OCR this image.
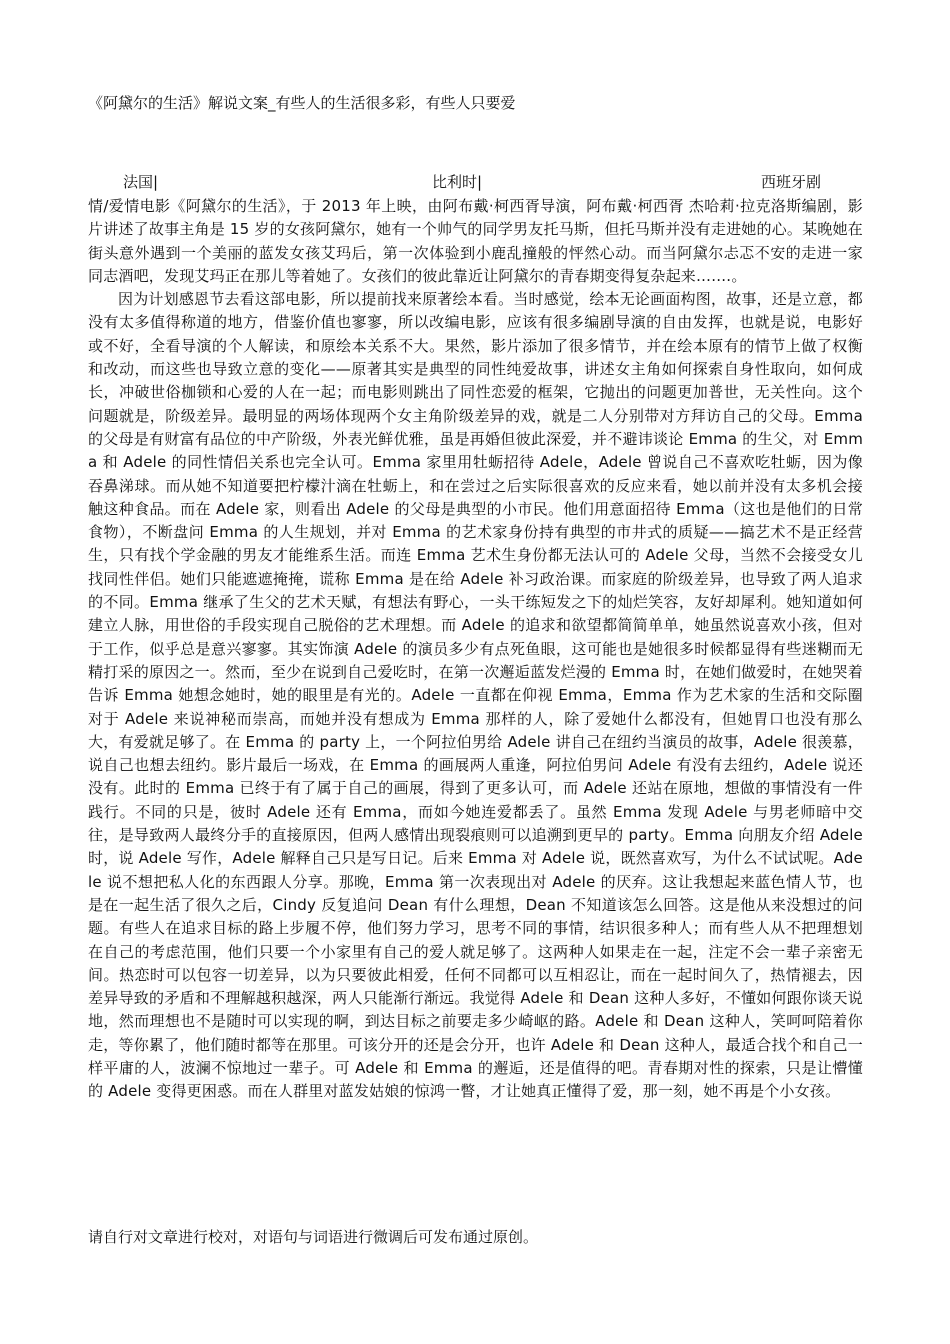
《阿黛尔的生活》解说文案_有些人的生活很多彩，有些人只要爱
法国|	比利时|	西班牙剧

情/爱情电影《阿黛尔的生活》，于 2013 年上映，由阿布戴·柯西胥导演，阿布戴·柯西胥 杰哈莉·拉克洛斯编剧，影片讲述了故事主角是 15 岁的女孩阿黛尔，她有一个帅气的同学男友托马斯，但托马斯并没有走进她的心。某晚她在街头意外遇到一个美丽的蓝发女孩艾玛后，第一次体验到小鹿乱撞般的怦然心动。而当阿黛尔忐忑不安的走进一家同志酒吧，发现艾玛正在那儿等着她了。女孩们的彼此靠近让阿黛尔的青春期变得复杂起来….…。

因为计划感恩节去看这部电影，所以提前找来原著绘本看。当时感觉，绘本无论画面构图，故事，还是立意，都没有太多值得称道的地方，借鉴价值也寥寥，所以改编电影，应该有很多编剧导演的自由发挥，也就是说，电影好或不好，全看导演的个人解读，和原绘本关系不大。果然，影片添加了很多情节，并在绘本原有的情节上做了权衡和改动，而这些也导致立意的变化——原著其实是典型的同性纯爱故事，讲述女主角如何探索自身性取向，如何成长，冲破世俗枷锁和心爱的人在一起；而电影则跳出了同性恋爱的框架，它抛出的问题更加普世，无关性向。这个问题就是，阶级差异。最明显的两场体现两个女主角阶级差异的戏，就是二人分别带对方拜访自己的父母。Emma 的父母是有财富有品位的中产阶级，外表光鲜优雅，虽是再婚但彼此深爱，并不避讳谈论 Emma 的生父，对 Emma 和 Adele 的同性情侣关系也完全认可。Emma 家里用牡蛎招待 Adele，Adele 曾说自己不喜欢吃牡蛎，因为像吞鼻涕球。而从她不知道要把柠檬汁滴在牡蛎上，和在尝过之后实际很喜欢的反应来看，她以前并没有太多机会接触这种食品。而在 Adele 家，则看出 Adele 的父母是典型的小市民。他们用意面招待 Emma（这也是他们的日常食物），不断盘问 Emma 的人生规划，并对 Emma 的艺术家身份持有典型的市井式的质疑——搞艺术不是正经营生，只有找个学金融的男友才能维系生活。而连 Emma 艺术生身份都无法认可的 Adele 父母，当然不会接受女儿找同性伴侣。她们只能遮遮掩掩，谎称 Emma 是在给 Adele 补习政治课。而家庭的阶级差异，也导致了两人追求的不同。Emma 继承了生父的艺术天赋，有想法有野心，一头干练短发之下的灿烂笑容，友好却犀利。她知道如何建立人脉，用世俗的手段实现自己脱俗的艺术理想。而 Adele 的追求和欲望都简简单单，她虽然说喜欢小孩，但对于工作，似乎总是意兴寥寥。其实饰演 Adele 的演员多少有点死鱼眼，这可能也是她很多时候都显得有些迷糊而无精打采的原因之一。然而，至少在说到自己爱吃时，在第一次邂逅蓝发烂漫的 Emma 时，在她们做爱时，在她哭着告诉 Emma 她想念她时，她的眼里是有光的。Adele 一直都在仰视 Emma，Emma 作为艺术家的生活和交际圈对于 Adele 来说神秘而崇高，而她并没有想成为 Emma 那样的人，除了爱她什么都没有，但她胃口也没有那么大，有爱就足够了。在 Emma 的 party 上，一个阿拉伯男给 Adele 讲自己在纽约当演员的故事，Adele 很羡慕，说自己也想去纽约。影片最后一场戏，在 Emma 的画展两人重逢，阿拉伯男问 Adele 有没有去纽约，Adele 说还没有。此时的 Emma 已终于有了属于自己的画展，得到了更多认可，而 Adele 还站在原地，想做的事情没有一件践行。不同的只是，彼时 Adele 还有 Emma，而如今她连爱都丢了。虽然 Emma 发现 Adele 与男老师暗中交往，是导致两人最终分手的直接原因，但两人感情出现裂痕则可以追溯到更早的 party。Emma 向朋友介绍 Adele 时，说 Adele 写作，Adele 解释自己只是写日记。后来 Emma 对 Adele 说，既然喜欢写，为什么不试试呢。Adele 说不想把私人化的东西跟人分享。那晚，Emma 第一次表现出对 Adele 的厌弃。这让我想起来蓝色情人节，也是在一起生活了很久之后，Cindy 反复追问 Dean 有什么理想，Dean 不知道该怎么回答。这是他从来没想过的问题。有些人在追求目标的路上步履不停，他们努力学习，思考不同的事情，结识很多种人；而有些人从不把理想划在自己的考虑范围，他们只要一个小家里有自己的爱人就足够了。这两种人如果走在一起，注定不会一辈子亲密无间。热恋时可以包容一切差异，以为只要彼此相爱，任何不同都可以互相忍让，而在一起时间久了，热情褪去，因差异导致的矛盾和不理解越积越深，两人只能渐行渐远。我觉得 Adele 和 Dean 这种人多好，不懂如何跟你谈天说地，然而理想也不是随时可以实现的啊，到达目标之前要走多少崎岖的路。Adele 和 Dean 这种人，笑呵呵陪着你走，等你累了，他们随时都等在那里。可该分开的还是会分开，也许 Adele 和 Dean 这种人，最适合找个和自己一样平庸的人，波澜不惊地过一辈子。可 Adele 和 Emma 的邂逅，还是值得的吧。青春期对性的探索，只是让懵懂的 Adele 变得更困惑。而在人群里对蓝发姑娘的惊鸿一瞥，才让她真正懂得了爱，那一刻，她不再是个小女孩。

请自行对文章进行校对，对语句与词语进行微调后可发布通过原创。
